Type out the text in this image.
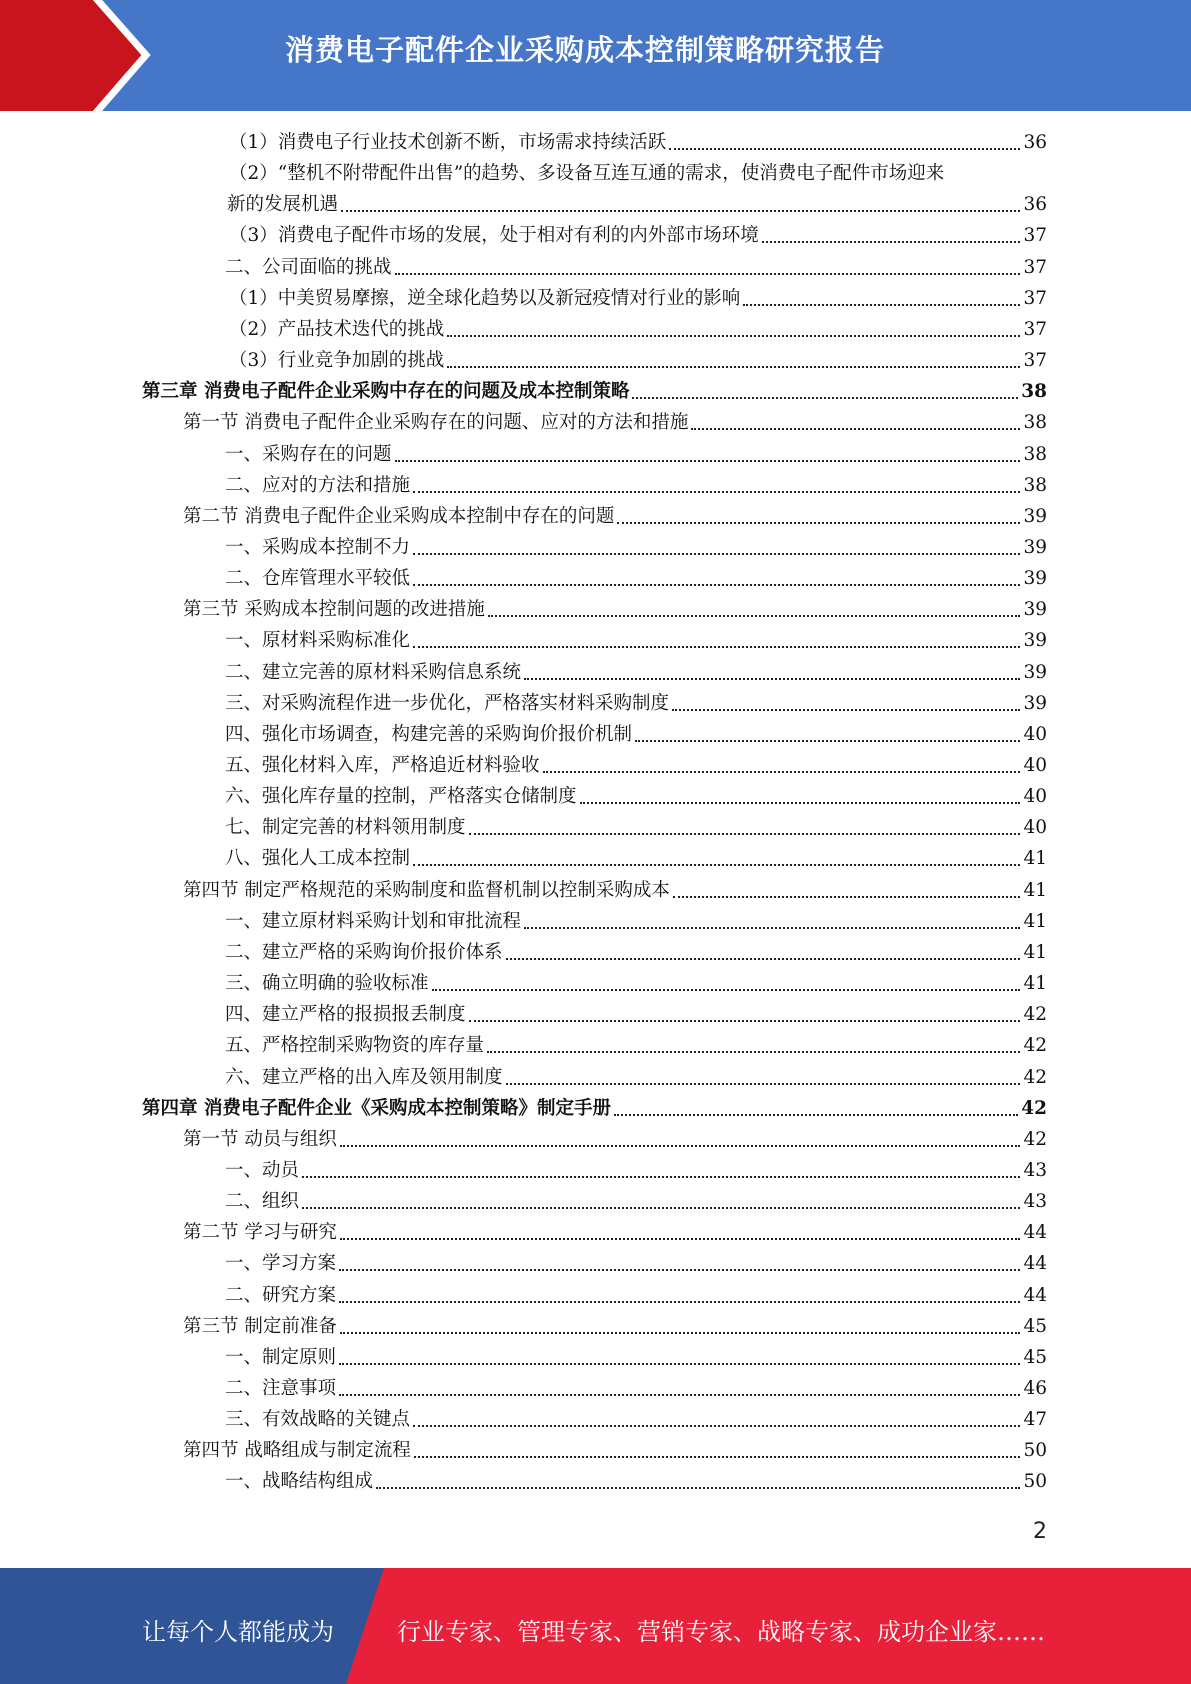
消费电子配件企业采购成本控制策略研究报告
（1）消费电子行业技术创新不断，市场需求持续活跃	36
（2）“整机不附带配件出售”的趋势、多设备互连互通的需求，使消费电子配件市场迎来
新的发展机遇	36
（3）消费电子配件市场的发展，处于相对有利的内外部市场环境	37
二、公司面临的挑战	37
（1）中美贸易摩擦，逆全球化趋势以及新冠疫情对行业的影响	37
（2）产品技术迭代的挑战	37
（3）行业竞争加剧的挑战	37
第三章 消费电子配件企业采购中存在的问题及成本控制策略	38
第一节 消费电子配件企业采购存在的问题、应对的方法和措施	38
一、采购存在的问题	38
二、应对的方法和措施	38
第二节 消费电子配件企业采购成本控制中存在的问题	39
一、采购成本控制不力	39
二、仓库管理水平较低	39
第三节 采购成本控制问题的改进措施	39
一、原材料采购标准化	39
二、建立完善的原材料采购信息系统	39
三、对采购流程作进一步优化，严格落实材料采购制度	39
四、强化市场调查，构建完善的采购询价报价机制	40
五、强化材料入库，严格追近材料验收	40
六、强化库存量的控制，严格落实仓储制度	40
七、制定完善的材料领用制度	40
八、强化人工成本控制	41
第四节 制定严格规范的采购制度和监督机制以控制采购成本	41
一、建立原材料采购计划和审批流程	41
二、建立严格的采购询价报价体系	41
三、确立明确的验收标准	41
四、建立严格的报损报丢制度	42
五、严格控制采购物资的库存量	42
六、建立严格的出入库及领用制度	42
第四章 消费电子配件企业《采购成本控制策略》制定手册	42
第一节 动员与组织	42
一、动员	43
二、组织	43
第二节 学习与研究	44
一、学习方案	44
二、研究方案	44
第三节 制定前准备	45
一、制定原则	45
二、注意事项	46
三、有效战略的关键点	47
第四节 战略组成与制定流程	50
一、战略结构组成	50
2
让每个人都能成为	行业专家、管理专家、营销专家、战略专家、成功企业家……
